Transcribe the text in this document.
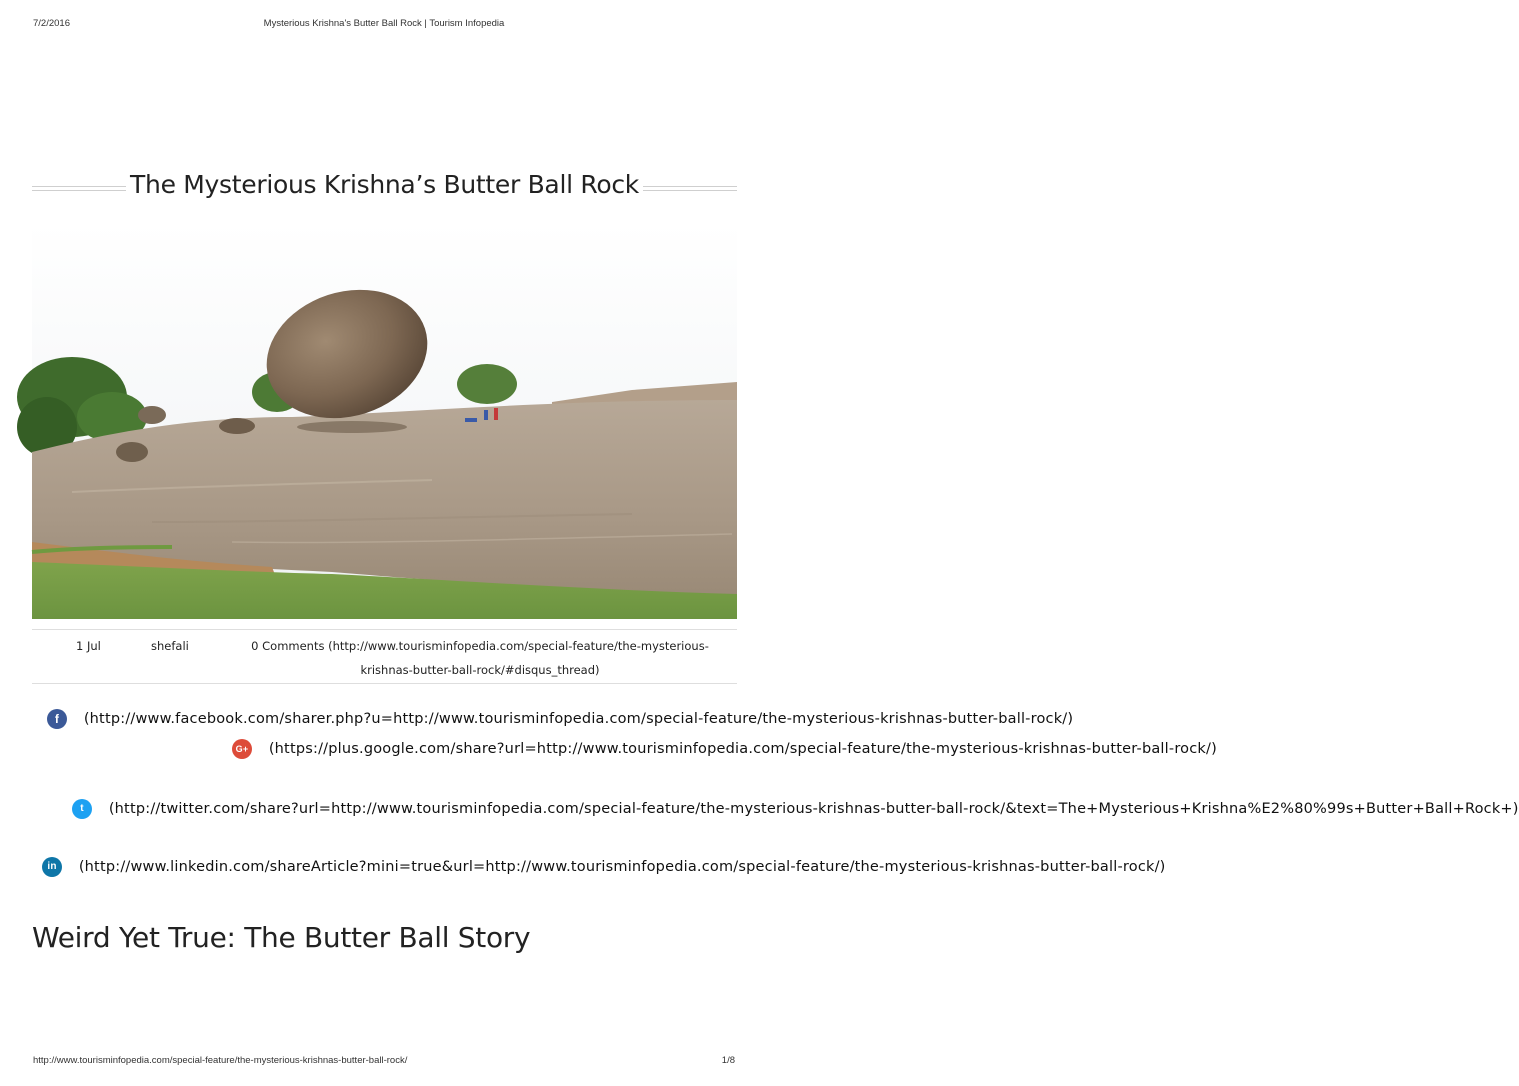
7/2/2016	Mysterious Krishna's Butter Ball Rock | Tourism Infopedia
The Mysterious Krishna’s Butter Ball Rock
1 Jul	shefali	0 Comments (http://www.tourisminfopedia.com/special-feature/the-mysterious-krishnas-butter-ball-rock/#disqus_thread)
f (http://www.facebook.com/sharer.php?u=http://www.tourisminfopedia.com/special-feature/the-mysterious-krishnas-butter-ball-rock/)
G+ (https://plus.google.com/share?url=http://www.tourisminfopedia.com/special-feature/the-mysterious-krishnas-butter-ball-rock/)
t (http://twitter.com/share?url=http://www.tourisminfopedia.com/special-feature/the-mysterious-krishnas-butter-ball-rock/&text=The+Mysterious+Krishna%E2%80%99s+Butter+Ball+Rock+)
in (http://www.linkedin.com/shareArticle?mini=true&url=http://www.tourisminfopedia.com/special-feature/the-mysterious-krishnas-butter-ball-rock/)
Weird Yet True: The Butter Ball Story
http://www.tourisminfopedia.com/special-feature/the-mysterious-krishnas-butter-ball-rock/	1/8
